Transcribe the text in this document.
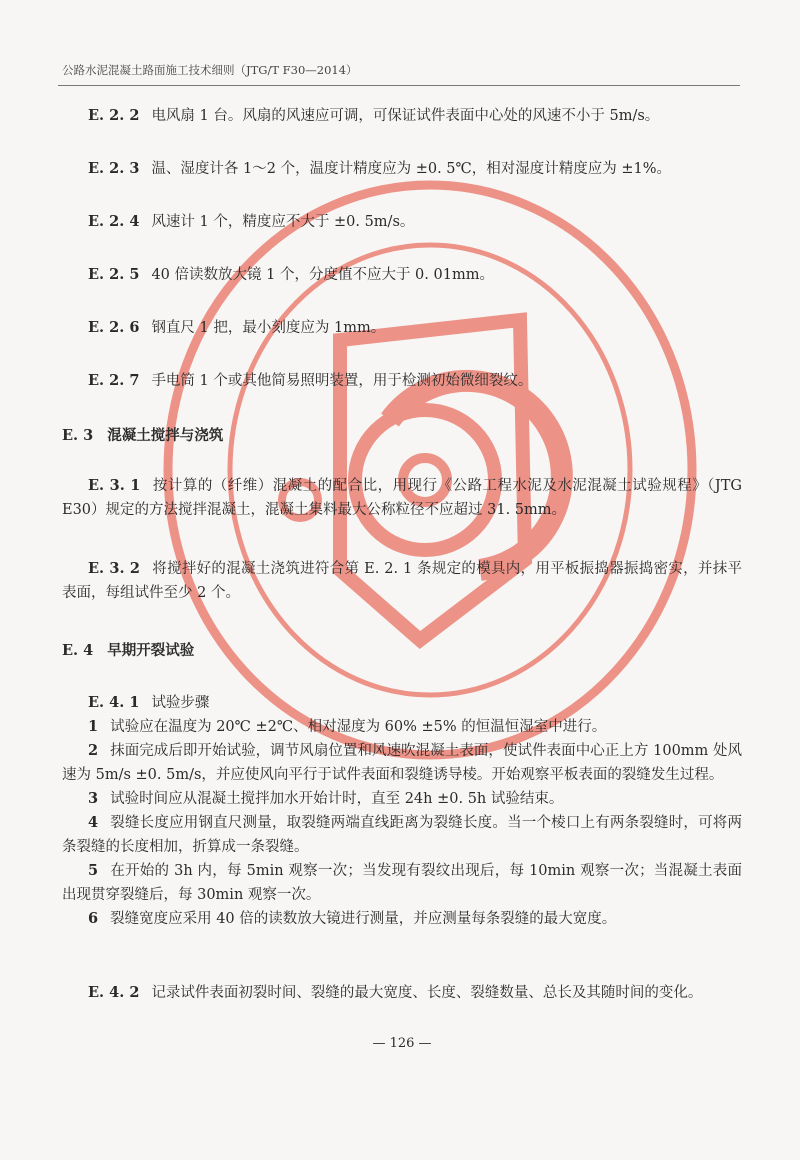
公路水泥混凝土路面施工技术细则（JTG/T F30—2014）

E. 2. 2 电风扇 1 台。风扇的风速应可调，可保证试件表面中心处的风速不小于 5m/s。

E. 2. 3 温、湿度计各 1～2 个，温度计精度应为 ±0. 5℃，相对湿度计精度应为 ±1%。

E. 2. 4 风速计 1 个，精度应不大于 ±0. 5m/s。

E. 2. 5 40 倍读数放大镜 1 个，分度值不应大于 0. 01mm。

E. 2. 6 钢直尺 1 把，最小刻度应为 1mm。

E. 2. 7 手电筒 1 个或其他简易照明装置，用于检测初始微细裂纹。

E. 3 混凝土搅拌与浇筑

E. 3. 1 按计算的（纤维）混凝土的配合比，用现行《公路工程水泥及水泥混凝土试验规程》（JTG E30）规定的方法搅拌混凝土，混凝土集料最大公称粒径不应超过 31. 5mm。

E. 3. 2 将搅拌好的混凝土浇筑进符合第 E. 2. 1 条规定的模具内，用平板振捣器振捣密实，并抹平表面，每组试件至少 2 个。

E. 4 早期开裂试验

E. 4. 1 试验步骤

1 试验应在温度为 20℃ ±2℃、相对湿度为 60% ±5% 的恒温恒湿室中进行。

2 抹面完成后即开始试验，调节风扇位置和风速吹混凝土表面，使试件表面中心正上方 100mm 处风速为 5m/s ±0. 5m/s，并应使风向平行于试件表面和裂缝诱导棱。开始观察平板表面的裂缝发生过程。

3 试验时间应从混凝土搅拌加水开始计时，直至 24h ±0. 5h 试验结束。

4 裂缝长度应用钢直尺测量，取裂缝两端直线距离为裂缝长度。当一个棱口上有两条裂缝时，可将两条裂缝的长度相加，折算成一条裂缝。

5 在开始的 3h 内，每 5min 观察一次；当发现有裂纹出现后，每 10min 观察一次；当混凝土表面出现贯穿裂缝后，每 30min 观察一次。

6 裂缝宽度应采用 40 倍的读数放大镜进行测量，并应测量每条裂缝的最大宽度。

E. 4. 2 记录试件表面初裂时间、裂缝的最大宽度、长度、裂缝数量、总长及其随时间的变化。

— 126 —
